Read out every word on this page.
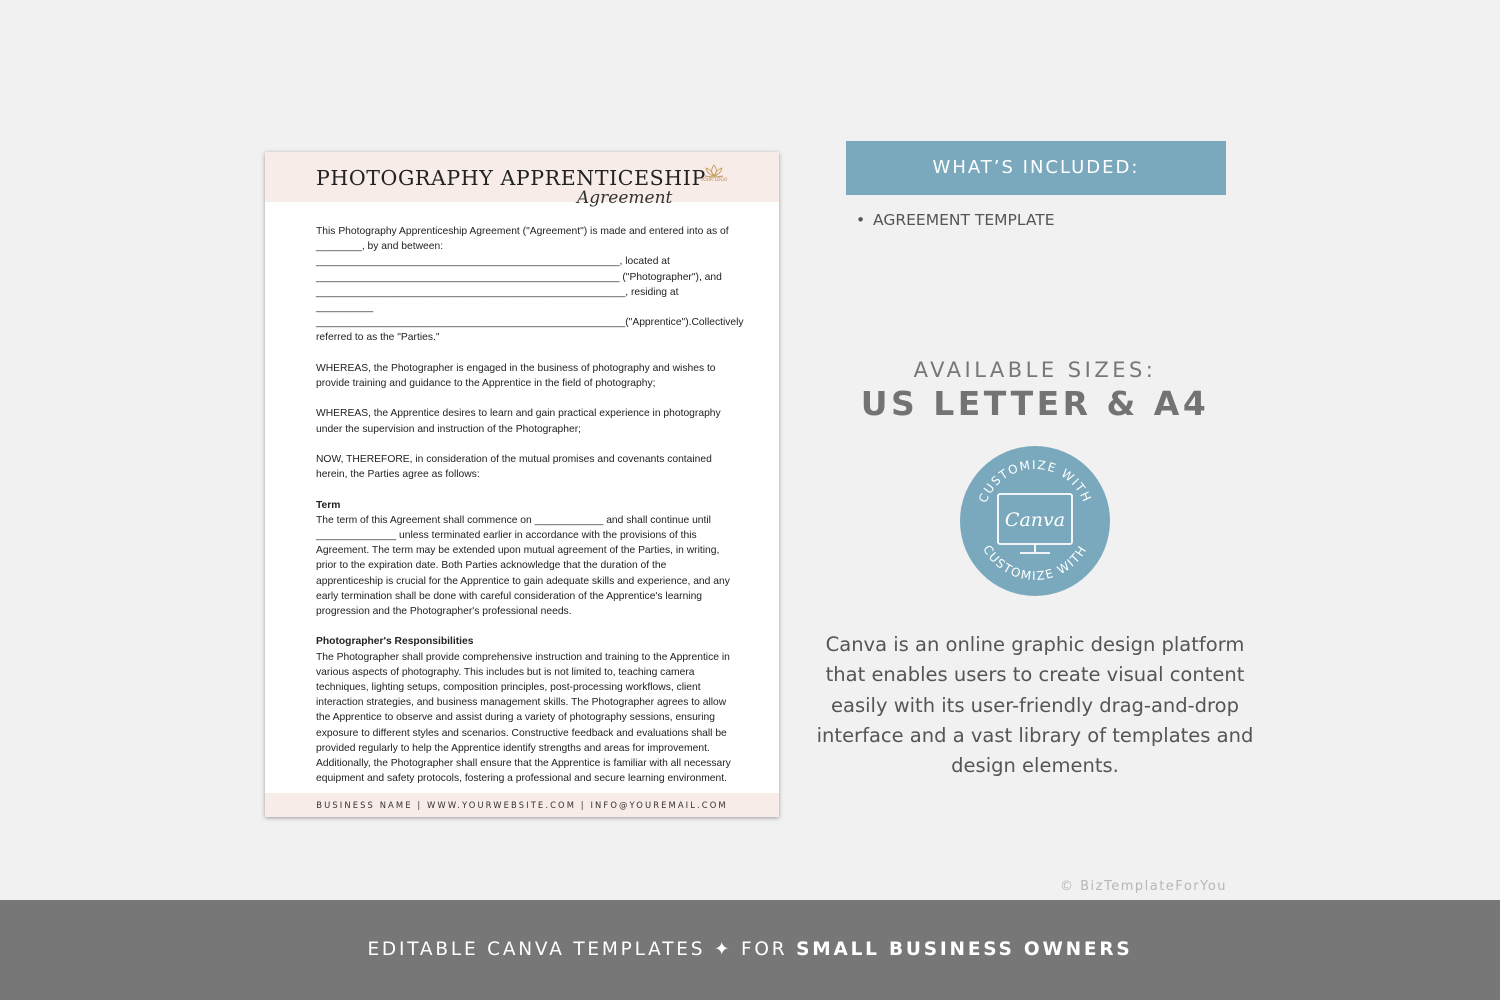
PHOTOGRAPHY APPRENTICESHIP
Agreement
YOUR LOGO

This Photography Apprenticeship Agreement ("Agreement") is made and entered into as of ________, by and between: _____________________________________________________, located at _____________________________________________________ ("Photographer"), and ______________________________________________________, residing at __________ ______________________________________________________("Apprentice").Collectively referred to as the "Parties."

WHEREAS, the Photographer is engaged in the business of photography and wishes to provide training and guidance to the Apprentice in the field of photography;

WHEREAS, the Apprentice desires to learn and gain practical experience in photography under the supervision and instruction of the Photographer;

NOW, THEREFORE, in consideration of the mutual promises and covenants contained herein, the Parties agree as follows:

Term
The term of this Agreement shall commence on ____________ and shall continue until ______________ unless terminated earlier in accordance with the provisions of this Agreement. The term may be extended upon mutual agreement of the Parties, in writing, prior to the expiration date. Both Parties acknowledge that the duration of the apprenticeship is crucial for the Apprentice to gain adequate skills and experience, and any early termination shall be done with careful consideration of the Apprentice's learning progression and the Photographer's professional needs.

Photographer's Responsibilities
The Photographer shall provide comprehensive instruction and training to the Apprentice in various aspects of photography. This includes but is not limited to, teaching camera techniques, lighting setups, composition principles, post-processing workflows, client interaction strategies, and business management skills. The Photographer agrees to allow the Apprentice to observe and assist during a variety of photography sessions, ensuring exposure to different styles and scenarios. Constructive feedback and evaluations shall be provided regularly to help the Apprentice identify strengths and areas for improvement. Additionally, the Photographer shall ensure that the Apprentice is familiar with all necessary equipment and safety protocols, fostering a professional and secure learning environment.

BUSINESS NAME | WWW.YOURWEBSITE.COM | INFO@YOUREMAIL.COM
WHAT’S INCLUDED:
• AGREEMENT TEMPLATE
AVAILABLE SIZES:
US LETTER & A4
CUSTOMIZE WITH
CUSTOMIZE WITH
Canva
Canva is an online graphic design platform that enables users to create visual content easily with its user-friendly drag-and-drop interface and a vast library of templates and design elements.
© BizTemplateForYou
EDITABLE CANVA TEMPLATES ✦ FOR SMALL BUSINESS OWNERS
